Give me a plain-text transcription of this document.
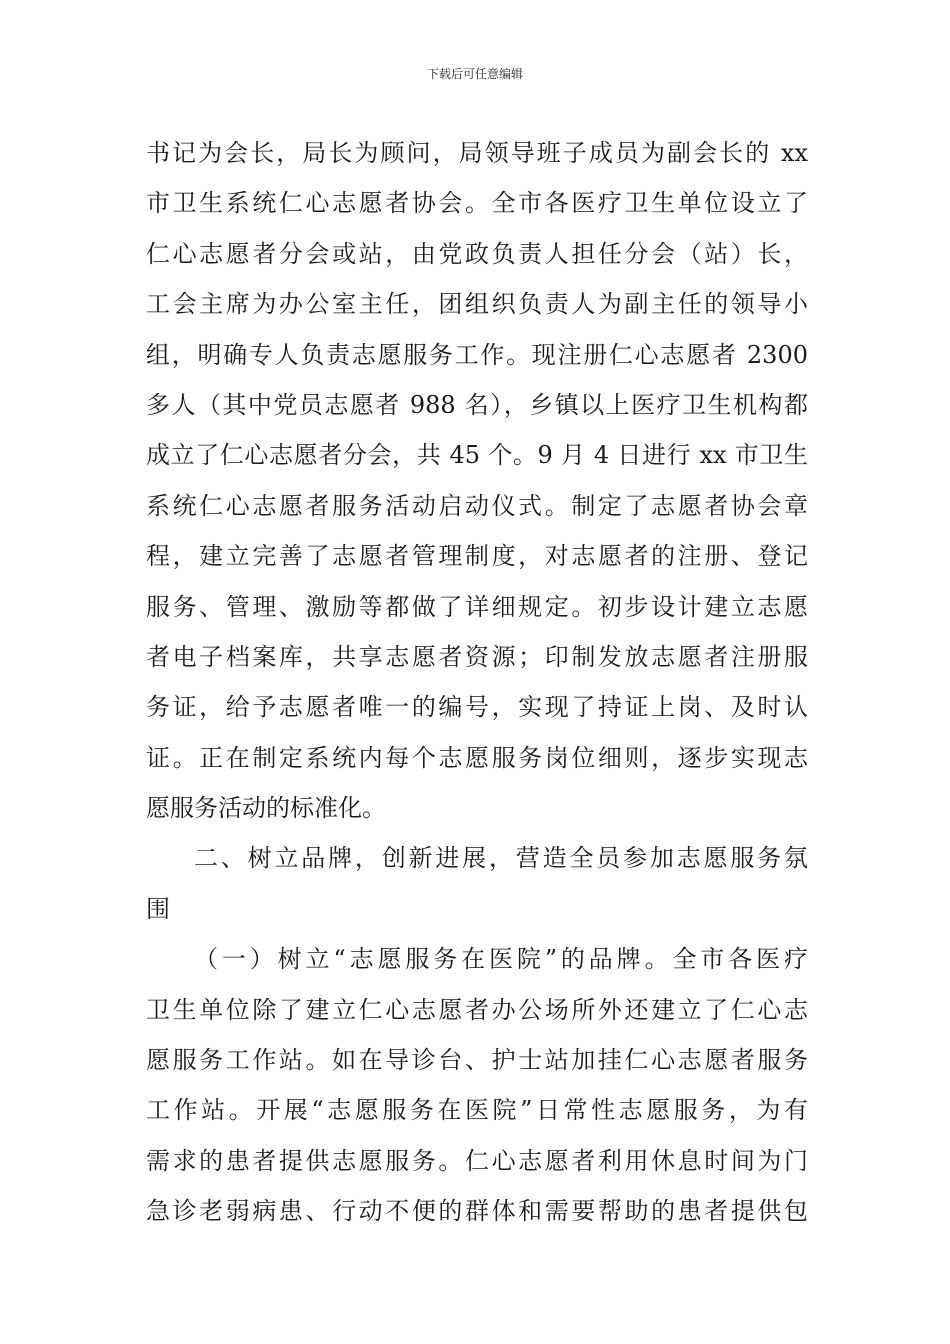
下载后可任意编辑
书记为会长，局长为顾问，局领导班子成员为副会长的 xx
市卫生系统仁心志愿者协会。全市各医疗卫生单位设立了
仁心志愿者分会或站，由党政负责人担任分会（站）长，
工会主席为办公室主任，团组织负责人为副主任的领导小
组，明确专人负责志愿服务工作。现注册仁心志愿者 2300
多人（其中党员志愿者 988 名），乡镇以上医疗卫生机构都
成立了仁心志愿者分会，共 45 个。9 月 4 日进行 xx 市卫生
系统仁心志愿者服务活动启动仪式。制定了志愿者协会章
程，建立完善了志愿者管理制度，对志愿者的注册、登记
服务、管理、激励等都做了详细规定。初步设计建立志愿
者电子档案库，共享志愿者资源；印制发放志愿者注册服
务证，给予志愿者唯一的编号，实现了持证上岗、及时认
证。正在制定系统内每个志愿服务岗位细则，逐步实现志
愿服务活动的标准化。
二、树立品牌，创新进展，营造全员参加志愿服务氛
围
（一）树立“志愿服务在医院”的品牌。全市各医疗
卫生单位除了建立仁心志愿者办公场所外还建立了仁心志
愿服务工作站。如在导诊台、护士站加挂仁心志愿者服务
工作站。开展“志愿服务在医院”日常性志愿服务，为有
需求的患者提供志愿服务。仁心志愿者利用休息时间为门
急诊老弱病患、行动不便的群体和需要帮助的患者提供包
